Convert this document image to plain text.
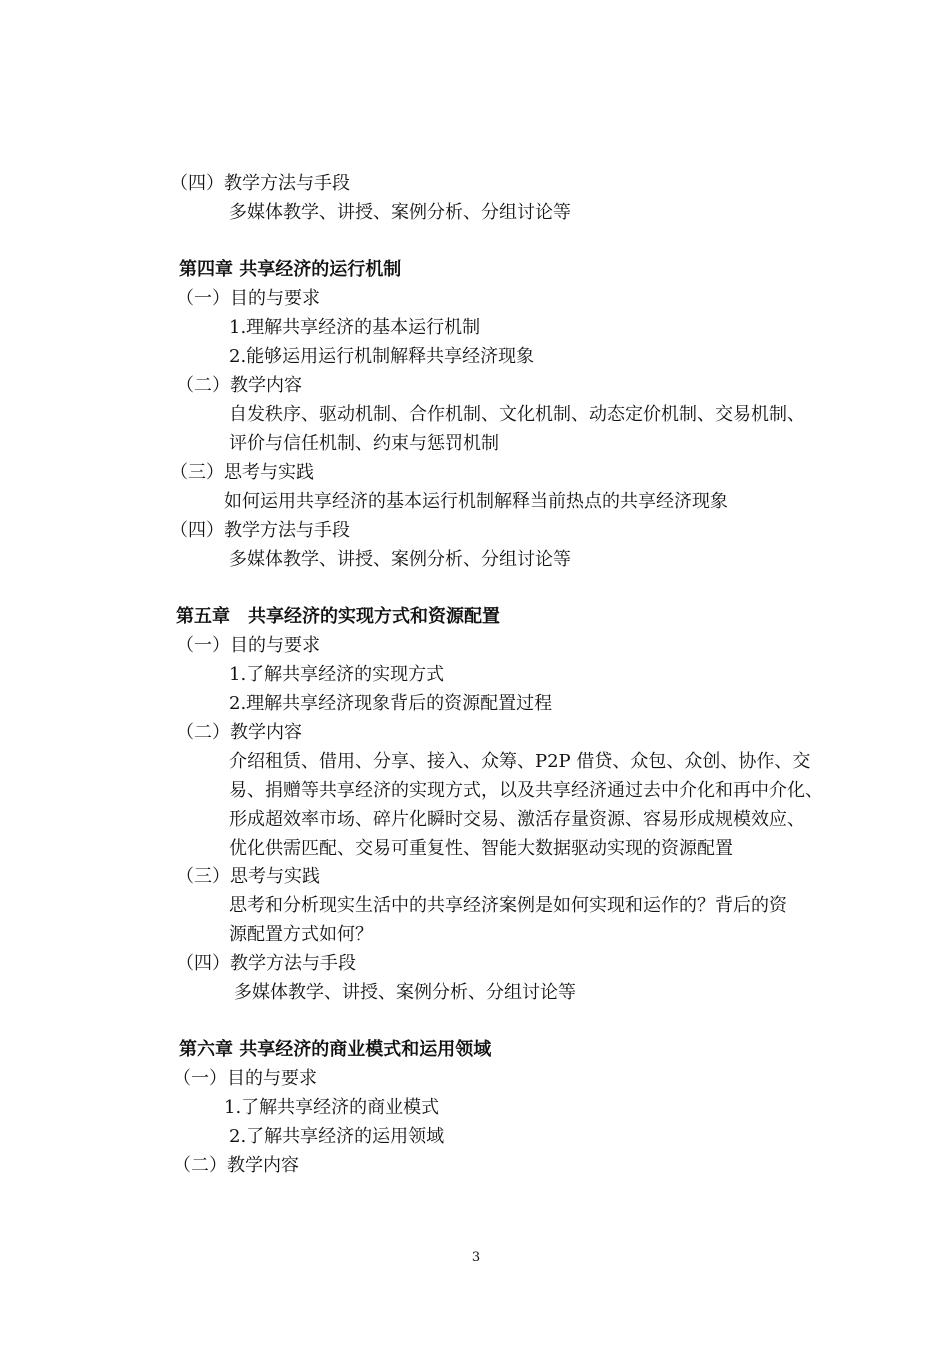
（四）教学方法与手段
多媒体教学、讲授、案例分析、分组讨论等
第四章 共享经济的运行机制
（一）目的与要求
1.理解共享经济的基本运行机制
2.能够运用运行机制解释共享经济现象
（二）教学内容
自发秩序、驱动机制、合作机制、文化机制、动态定价机制、交易机制、
评价与信任机制、约束与惩罚机制
（三）思考与实践
如何运用共享经济的基本运行机制解释当前热点的共享经济现象
（四）教学方法与手段
多媒体教学、讲授、案例分析、分组讨论等
第五章　共享经济的实现方式和资源配置
（一）目的与要求
1.了解共享经济的实现方式
2.理解共享经济现象背后的资源配置过程
（二）教学内容
介绍租赁、借用、分享、接入、众筹、P2P 借贷、众包、众创、协作、交
易、捐赠等共享经济的实现方式，以及共享经济通过去中介化和再中介化、
形成超效率市场、碎片化瞬时交易、激活存量资源、容易形成规模效应、
优化供需匹配、交易可重复性、智能大数据驱动实现的资源配置
（三）思考与实践
思考和分析现实生活中的共享经济案例是如何实现和运作的？背后的资
源配置方式如何？
（四）教学方法与手段
多媒体教学、讲授、案例分析、分组讨论等
第六章 共享经济的商业模式和运用领域
（一）目的与要求
1.了解共享经济的商业模式
2.了解共享经济的运用领域
（二）教学内容
3
